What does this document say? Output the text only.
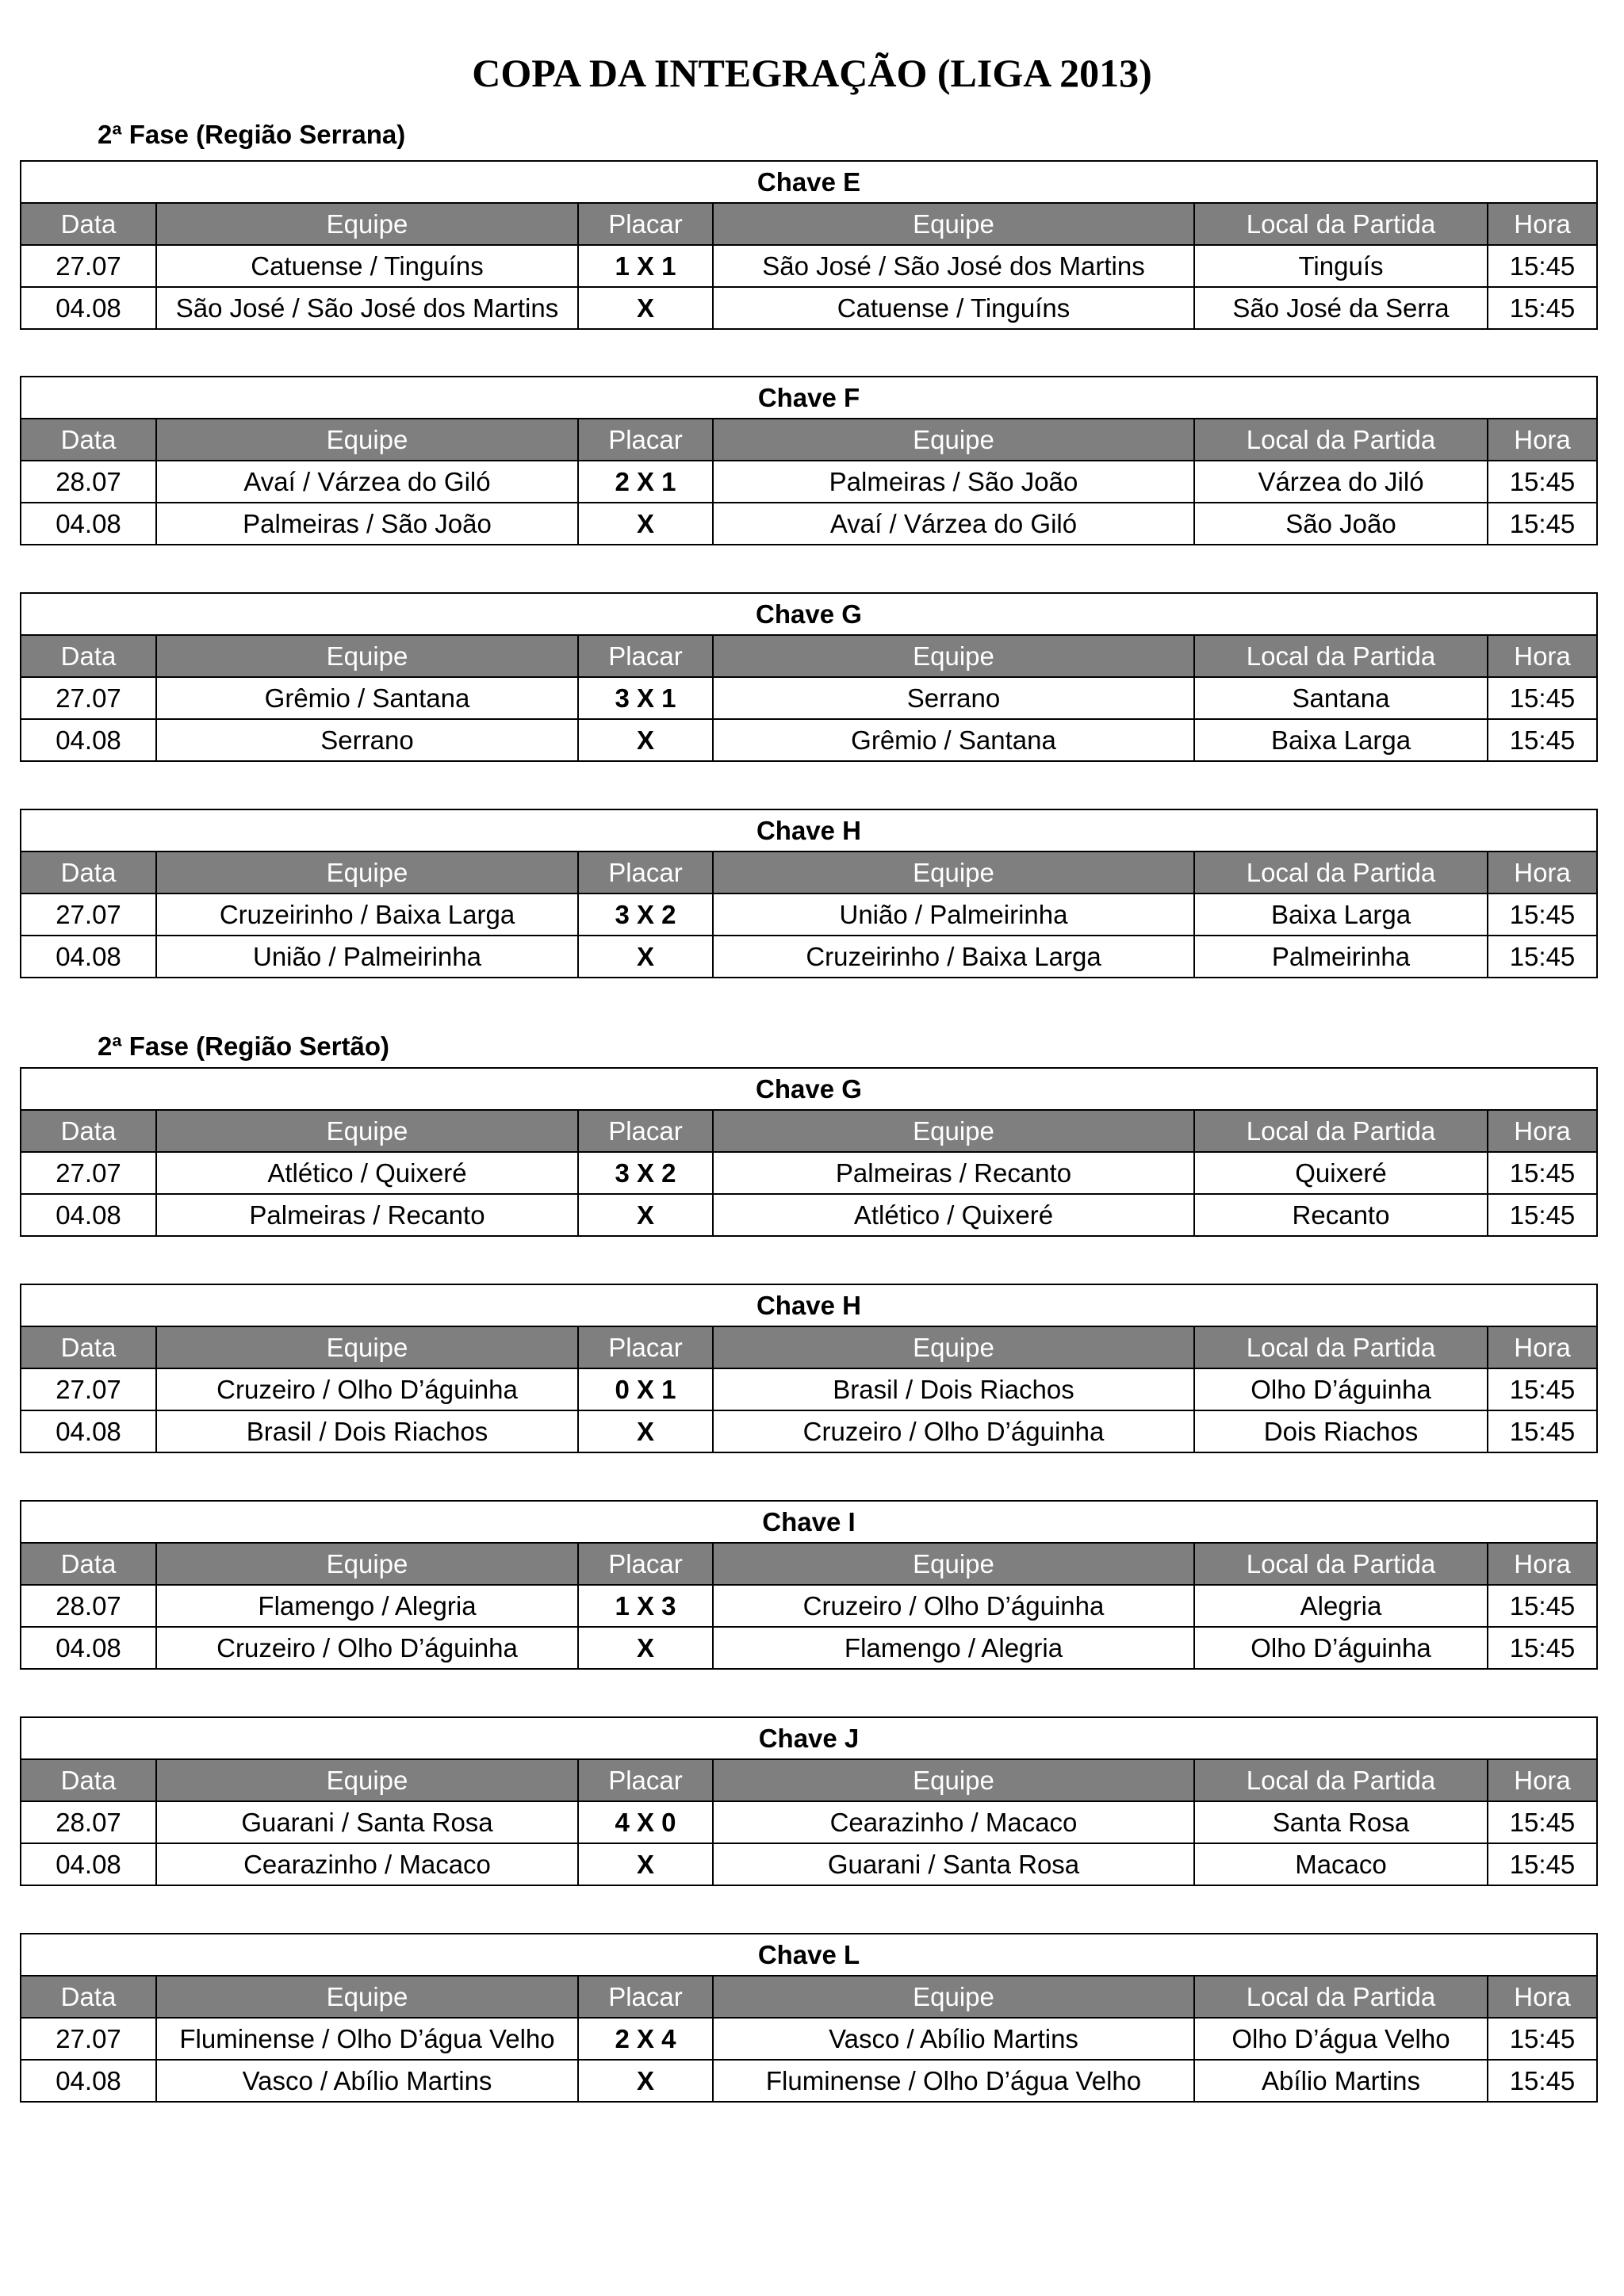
COPA DA INTEGRAÇÃO (LIGA 2013)
2ª Fase (Região Serrana)
Chave E					
Data	Equipe	Placar	Equipe	Local da Partida	Hora
27.07	Catuense / Tinguíns	1 X 1	São José / São José dos Martins	Tinguís	15:45
04.08	São José / São José dos Martins	X	Catuense / Tinguíns	São José da Serra	15:45
Chave F					
Data	Equipe	Placar	Equipe	Local da Partida	Hora
28.07	Avaí / Várzea do Giló	2 X 1	Palmeiras / São João	Várzea do Jiló	15:45
04.08	Palmeiras / São João	X	Avaí / Várzea do Giló	São João	15:45
Chave G					
Data	Equipe	Placar	Equipe	Local da Partida	Hora
27.07	Grêmio / Santana	3 X 1	Serrano	Santana	15:45
04.08	Serrano	X	Grêmio / Santana	Baixa Larga	15:45
Chave H					
Data	Equipe	Placar	Equipe	Local da Partida	Hora
27.07	Cruzeirinho / Baixa Larga	3 X 2	União / Palmeirinha	Baixa Larga	15:45
04.08	União / Palmeirinha	X	Cruzeirinho / Baixa Larga	Palmeirinha	15:45
2ª Fase (Região Sertão)
Chave G					
Data	Equipe	Placar	Equipe	Local da Partida	Hora
27.07	Atlético / Quixeré	3 X 2	Palmeiras / Recanto	Quixeré	15:45
04.08	Palmeiras / Recanto	X	Atlético / Quixeré	Recanto	15:45
Chave H					
Data	Equipe	Placar	Equipe	Local da Partida	Hora
27.07	Cruzeiro / Olho D’águinha	0 X 1	Brasil / Dois Riachos	Olho D’águinha	15:45
04.08	Brasil / Dois Riachos	X	Cruzeiro / Olho D’águinha	Dois Riachos	15:45
Chave I					
Data	Equipe	Placar	Equipe	Local da Partida	Hora
28.07	Flamengo / Alegria	1 X 3	Cruzeiro / Olho D’águinha	Alegria	15:45
04.08	Cruzeiro / Olho D’águinha	X	Flamengo / Alegria	Olho D’águinha	15:45
Chave J					
Data	Equipe	Placar	Equipe	Local da Partida	Hora
28.07	Guarani / Santa Rosa	4 X 0	Cearazinho / Macaco	Santa Rosa	15:45
04.08	Cearazinho / Macaco	X	Guarani / Santa Rosa	Macaco	15:45
Chave L					
Data	Equipe	Placar	Equipe	Local da Partida	Hora
27.07	Fluminense / Olho D’água Velho	2 X 4	Vasco / Abílio Martins	Olho D’água Velho	15:45
04.08	Vasco / Abílio Martins	X	Fluminense / Olho D’água Velho	Abílio Martins	15:45
